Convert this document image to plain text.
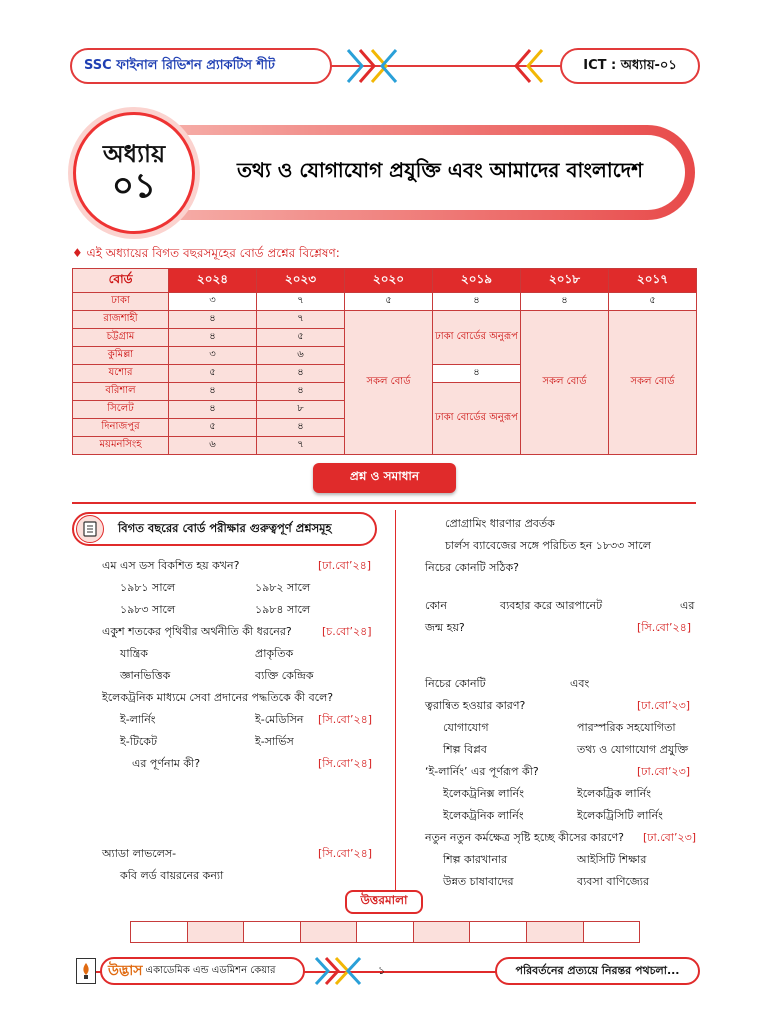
SSC ফাইনাল রিভিশন প্র্যাকটিস শীট	ICT : অধ্যায়-০১
তথ্য ও যোগাযোগ প্রযুক্তি এবং আমাদের বাংলাদেশ
অধ্যায়
০১
♦ এই অধ্যায়ের বিগত বছরসমূহের বোর্ড প্রশ্নের বিশ্লেষণ:
বোর্ড	২০২৪	২০২৩	২০২০	২০১৯	২০১৮	২০১৭
ঢাকা	৩	৭	৫	৪	৪	৫
রাজশাহী	৪	৭	সকল বোর্ড	ঢাকা বোর্ডের অনুরূপ	সকল বোর্ড	সকল বোর্ড
চট্টগ্রাম	৪	৫				
কুমিল্লা	৩	৬				
যশোর	৫	৪		৪		
বরিশাল	৪	৪		ঢাকা বোর্ডের অনুরূপ		
সিলেট	৪	৮				
দিনাজপুর	৫	৪				
ময়মনসিংহ	৬	৭				
প্রশ্ন ও সমাধান
বিগত বছরের বোর্ড পরীক্ষার গুরুত্বপূর্ণ প্রশ্নসমূহ
এম এস ডস বিকশিত হয় কখন?	[ঢা.বো’২৪]
১৯৮১ সালে	১৯৮২ সালে
১৯৮৩ সালে	১৯৮৪ সালে
একুশ শতকের পৃথিবীর অর্থনীতি কী ধরনের?	[চ.বো’২৪]
যান্ত্রিক	প্রাকৃতিক
জ্ঞানভিত্তিক	ব্যক্তি কেন্দ্রিক
ইলেকট্রনিক মাধ্যমে সেবা প্রদানের পদ্ধতিকে কী বলে?
ই-লার্নিং	ই-মেডিসিন [সি.বো’২৪]
ই-টিকেট	ই-সার্ভিস
এর পূর্ণনাম কী?	[সি.বো’২৪]
অ্যাডা লাভলেস-	[সি.বো’২৪]
কবি লর্ড বায়রনের কন্যা
প্রোগ্রামিং ধারণার প্রবর্তক
চার্লস ব্যাবেজের সঙ্গে পরিচিত হন ১৮৩৩ সালে
নিচের কোনটি সঠিক?
কোন	ব্যবহার করে আরপানেট	এর
জন্ম হয়?	[সি.বো’২৪]
নিচের কোনটি	এবং
ত্বরান্বিত হওয়ার কারণ?	[ঢা.বো’২৩]
যোগাযোগ	পারস্পরিক সহযোগিতা
শিল্প বিপ্লব	তথ্য ও যোগাযোগ প্রযুক্তি
‘ই-লার্নিং’ এর পূর্ণরূপ কী?	[ঢা.বো’২৩]
ইলেকট্রনিক্স লার্নিং	ইলেকট্রিক লার্নিং
ইলেকট্রনিক লার্নিং	ইলেকট্রিসিটি লার্নিং
নতুন নতুন কর্মক্ষেত্র সৃষ্টি হচ্ছে কীসের কারণে? [ঢা.বো’২৩]
শিল্প কারখানার	আইসিটি শিক্ষার
উন্নত চাষাবাদের	ব্যবসা বাণিজ্যের
উত্তরমালা
উদ্ভাস একাডেমিক এন্ড এডমিশন কেয়ার	১	পরিবর্তনের প্রত্যয়ে নিরন্তর পথচলা...
